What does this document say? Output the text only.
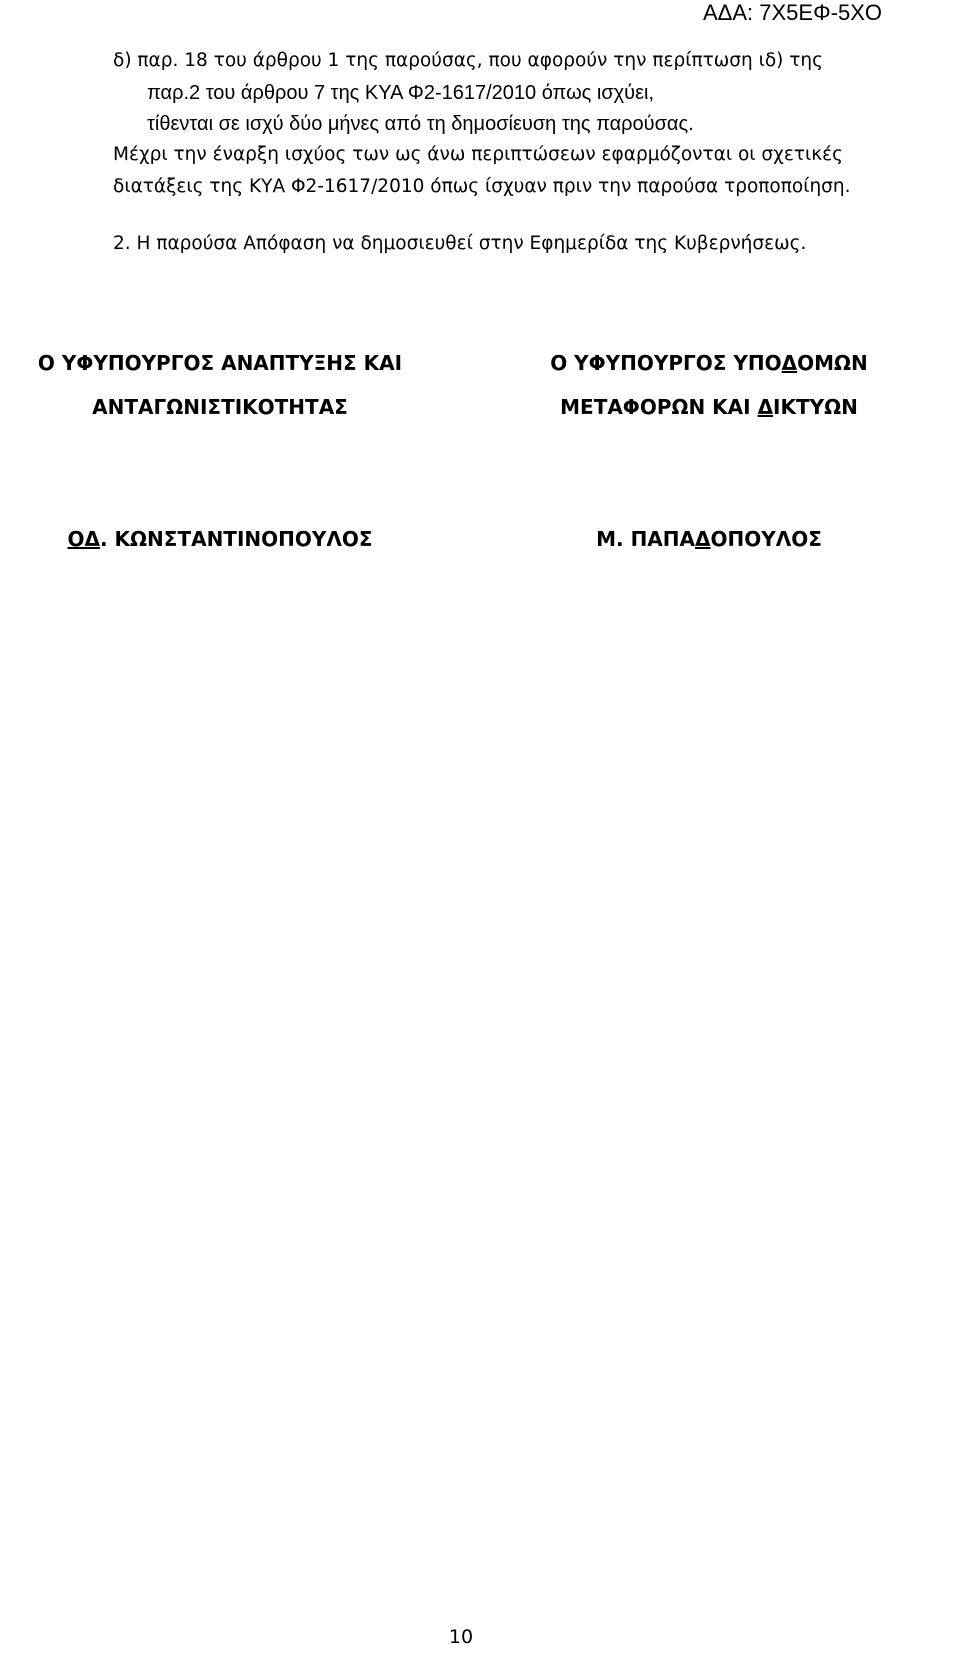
ΑΔΑ: 7Χ5ΕΦ-5ΧΟ
δ) παρ. 18 του άρθρου 1 της παρούσας, που αφορούν την περίπτωση ιδ) της
παρ.2 του άρθρου 7 της ΚΥΑ Φ2-1617/2010 όπως ισχύει,
τίθενται σε ισχύ δύο μήνες από τη δημοσίευση της παρούσας.
Μέχρι την έναρξη ισχύος των ως άνω περιπτώσεων εφαρμόζονται οι σχετικές
διατάξεις της ΚΥΑ Φ2-1617/2010 όπως ίσχυαν πριν την παρούσα τροποποίηση.
2. Η παρούσα Απόφαση να δημοσιευθεί στην Εφημερίδα της Κυβερνήσεως.
Ο ΥΦΥΠΟΥΡΓΟΣ ΑΝΑΠΤΥΞΗΣ ΚΑΙ
ΑΝΤΑΓΩΝΙΣΤΙΚΟΤΗΤΑΣ
Ο ΥΦΥΠΟΥΡΓΟΣ ΥΠΟΔΟΜΩΝ
ΜΕΤΑΦΟΡΩΝ ΚΑΙ ΔΙΚΤΥΩΝ
ΟΔ. ΚΩΝΣΤΑΝΤΙΝΟΠΟΥΛΟΣ	Μ. ΠΑΠΑΔΟΠΟΥΛΟΣ
10
